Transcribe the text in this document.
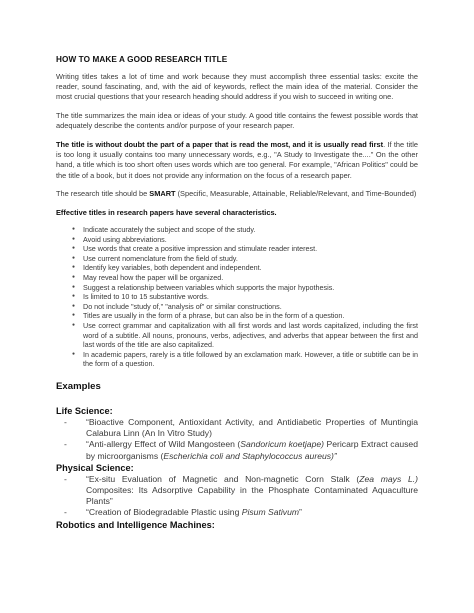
HOW TO MAKE A GOOD RESEARCH TITLE

Writing titles takes a lot of time and work because they must accomplish three essential tasks: excite the reader, sound fascinating, and, with the aid of keywords, reflect the main idea of the material. Consider the most crucial questions that your research heading should address if you wish to succeed in writing one.

The title summarizes the main idea or ideas of your study. A good title contains the fewest possible words that adequately describe the contents and/or purpose of your research paper.

The title is without doubt the part of a paper that is read the most, and it is usually read first. If the title is too long it usually contains too many unnecessary words, e.g., "A Study to Investigate the...." On the other hand, a title which is too short often uses words which are too general. For example, "African Politics" could be the title of a book, but it does not provide any information on the focus of a research paper.

The research title should be SMART (Specific, Measurable, Attainable, Reliable/Relevant, and Time-Bounded)

Effective titles in research papers have several characteristics.
● Indicate accurately the subject and scope of the study.
● Avoid using abbreviations.
● Use words that create a positive impression and stimulate reader interest.
● Use current nomenclature from the field of study.
● Identify key variables, both dependent and independent.
● May reveal how the paper will be organized.
● Suggest a relationship between variables which supports the major hypothesis.
● Is limited to 10 to 15 substantive words.
● Do not include "study of," "analysis of" or similar constructions.
● Titles are usually in the form of a phrase, but can also be in the form of a question.
● Use correct grammar and capitalization with all first words and last words capitalized, including the first word of a subtitle. All nouns, pronouns, verbs, adjectives, and adverbs that appear between the first and last words of the title are also capitalized.
● In academic papers, rarely is a title followed by an exclamation mark. However, a title or subtitle can be in the form of a question.
Examples
Life Science:
- “Bioactive Component, Antioxidant Activity, and Antidiabetic Properties of Muntingia Calabura Linn (An In Vitro Study)
- “Anti-allergy Effect of Wild Mangosteen (Sandoricum koetjape) Pericarp Extract caused by microorganisms (Escherichia coli and Staphylococcus aureus)”
Physical Science:
- “Ex-situ Evaluation of Magnetic and Non-magnetic Corn Stalk (Zea mays L.) Composites: Its Adsorptive Capability in the Phosphate Contaminated Aquaculture Plants”
- “Creation of Biodegradable Plastic using Pisum Sativum”
Robotics and Intelligence Machines:
